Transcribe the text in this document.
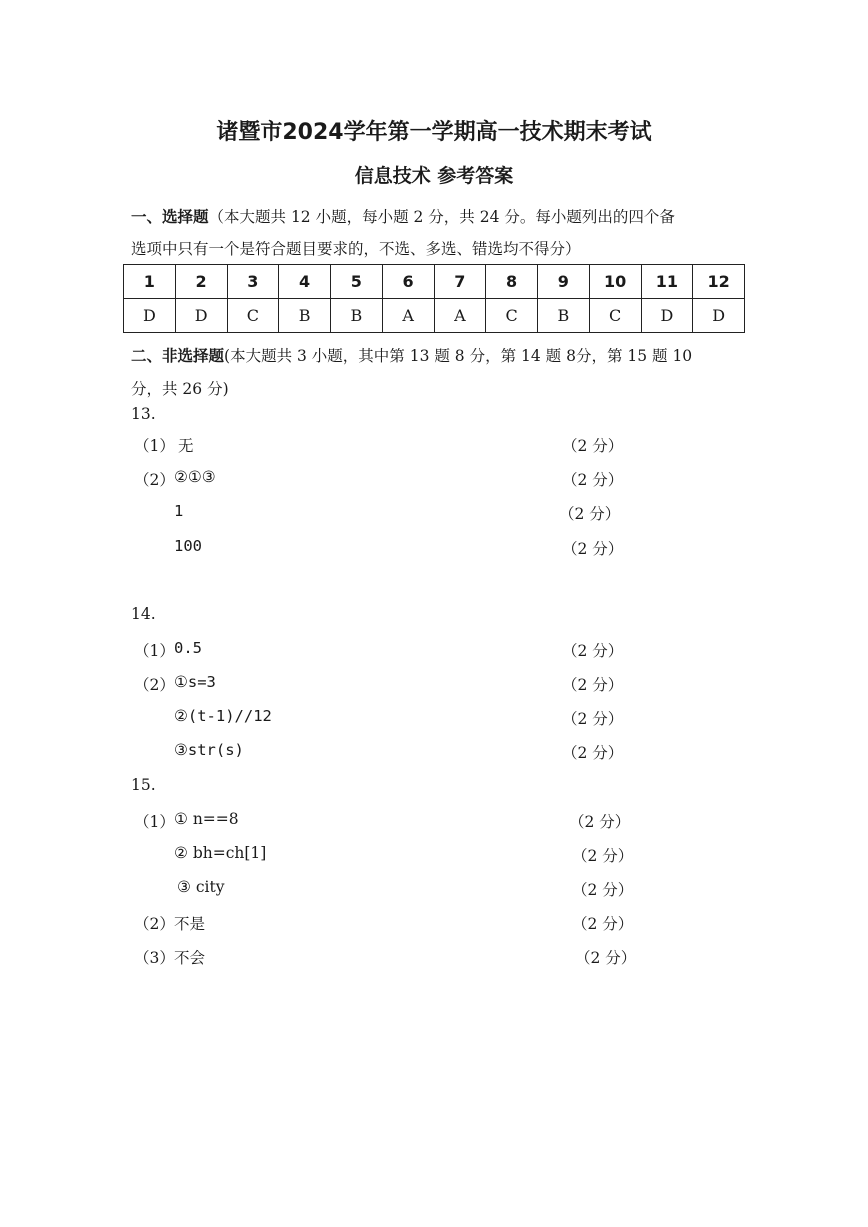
诸暨市2024学年第一学期高一技术期末考试
信息技术 参考答案
一、选择题（本大题共 12 小题，每小题 2 分，共 24 分。每小题列出的四个备
选项中只有一个是符合题目要求的，不选、多选、错选均不得分）
1	2	3	4	5	6	7	8	9	10	11	12
D	D	C	B	B	A	A	C	B	C	D	D
二、非选择题(本大题共 3 小题，其中第 13 题 8 分，第 14 题 8分，第 15 题 10
分，共 26 分)
13.
（1） 无	（2 分）
（2） ②①③	（2 分）
1	（2 分）
100	（2 分）
14.
（1） 0.5	（2 分）
（2） ①s=3	（2 分）
②(t-1)//12	（2 分）
③str(s)	（2 分）
15.
（1） ① n==8	（2 分）
② bh=ch[1]	（2 分）
③ city	（2 分）
（2） 不是	（2 分）
（3） 不会	（2 分）
